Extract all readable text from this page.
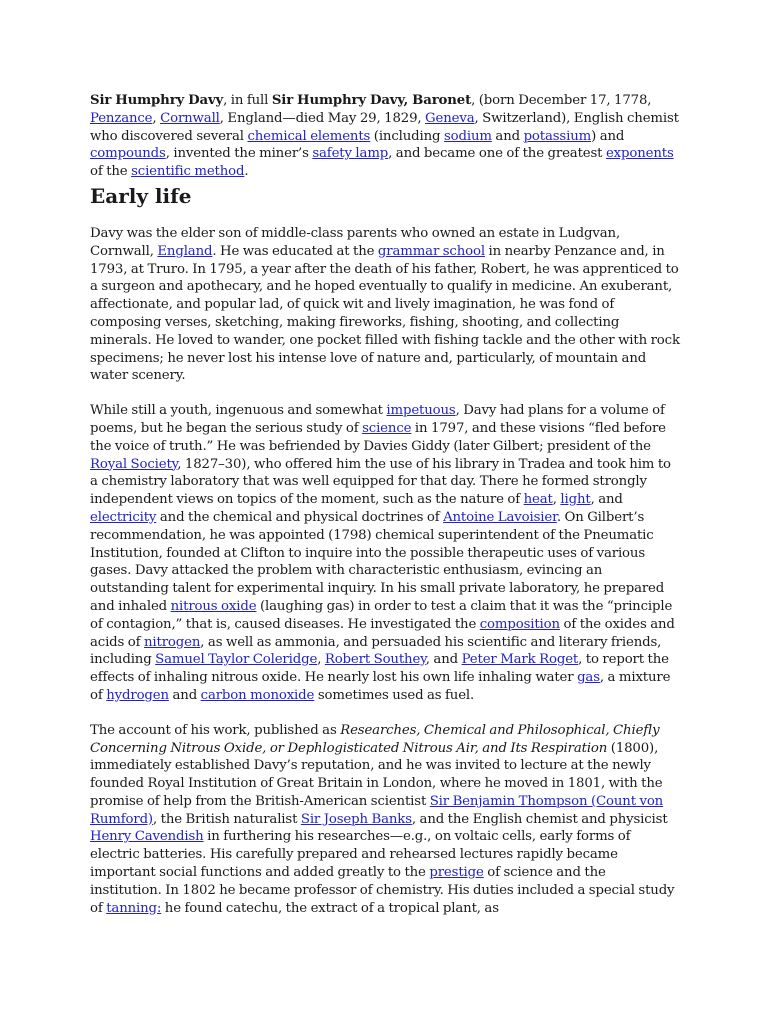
Sir Humphry Davy, in full Sir Humphry Davy, Baronet, (born December 17, 1778, Penzance, Cornwall, England—died May 29, 1829, Geneva, Switzerland), English chemist who discovered several chemical elements (including sodium and potassium) and compounds, invented the miner’s safety lamp, and became one of the greatest exponents of the scientific method.

Early life

Davy was the elder son of middle-class parents who owned an estate in Ludgvan, Cornwall, England. He was educated at the grammar school in nearby Penzance and, in 1793, at Truro. In 1795, a year after the death of his father, Robert, he was apprenticed to a surgeon and apothecary, and he hoped eventually to qualify in medicine. An exuberant, affectionate, and popular lad, of quick wit and lively imagination, he was fond of composing verses, sketching, making fireworks, fishing, shooting, and collecting minerals. He loved to wander, one pocket filled with fishing tackle and the other with rock specimens; he never lost his intense love of nature and, particularly, of mountain and water scenery.

While still a youth, ingenuous and somewhat impetuous, Davy had plans for a volume of poems, but he began the serious study of science in 1797, and these visions “fled before the voice of truth.” He was befriended by Davies Giddy (later Gilbert; president of the Royal Society, 1827–30), who offered him the use of his library in Tradea and took him to a chemistry laboratory that was well equipped for that day. There he formed strongly independent views on topics of the moment, such as the nature of heat, light, and electricity and the chemical and physical doctrines of Antoine Lavoisier. On Gilbert’s recommendation, he was appointed (1798) chemical superintendent of the Pneumatic Institution, founded at Clifton to inquire into the possible therapeutic uses of various gases. Davy attacked the problem with characteristic enthusiasm, evincing an outstanding talent for experimental inquiry. In his small private laboratory, he prepared and inhaled nitrous oxide (laughing gas) in order to test a claim that it was the “principle of contagion,” that is, caused diseases. He investigated the composition of the oxides and acids of nitrogen, as well as ammonia, and persuaded his scientific and literary friends, including Samuel Taylor Coleridge, Robert Southey, and Peter Mark Roget, to report the effects of inhaling nitrous oxide. He nearly lost his own life inhaling water gas, a mixture of hydrogen and carbon monoxide sometimes used as fuel.

The account of his work, published as Researches, Chemical and Philosophical, Chiefly Concerning Nitrous Oxide, or Dephlogisticated Nitrous Air, and Its Respiration (1800), immediately established Davy’s reputation, and he was invited to lecture at the newly founded Royal Institution of Great Britain in London, where he moved in 1801, with the promise of help from the British-American scientist Sir Benjamin Thompson (Count von Rumford), the British naturalist Sir Joseph Banks, and the English chemist and physicist Henry Cavendish in furthering his researches—e.g., on voltaic cells, early forms of electric batteries. His carefully prepared and rehearsed lectures rapidly became important social functions and added greatly to the prestige of science and the institution. In 1802 he became professor of chemistry. His duties included a special study of tanning: he found catechu, the extract of a tropical plant, as
